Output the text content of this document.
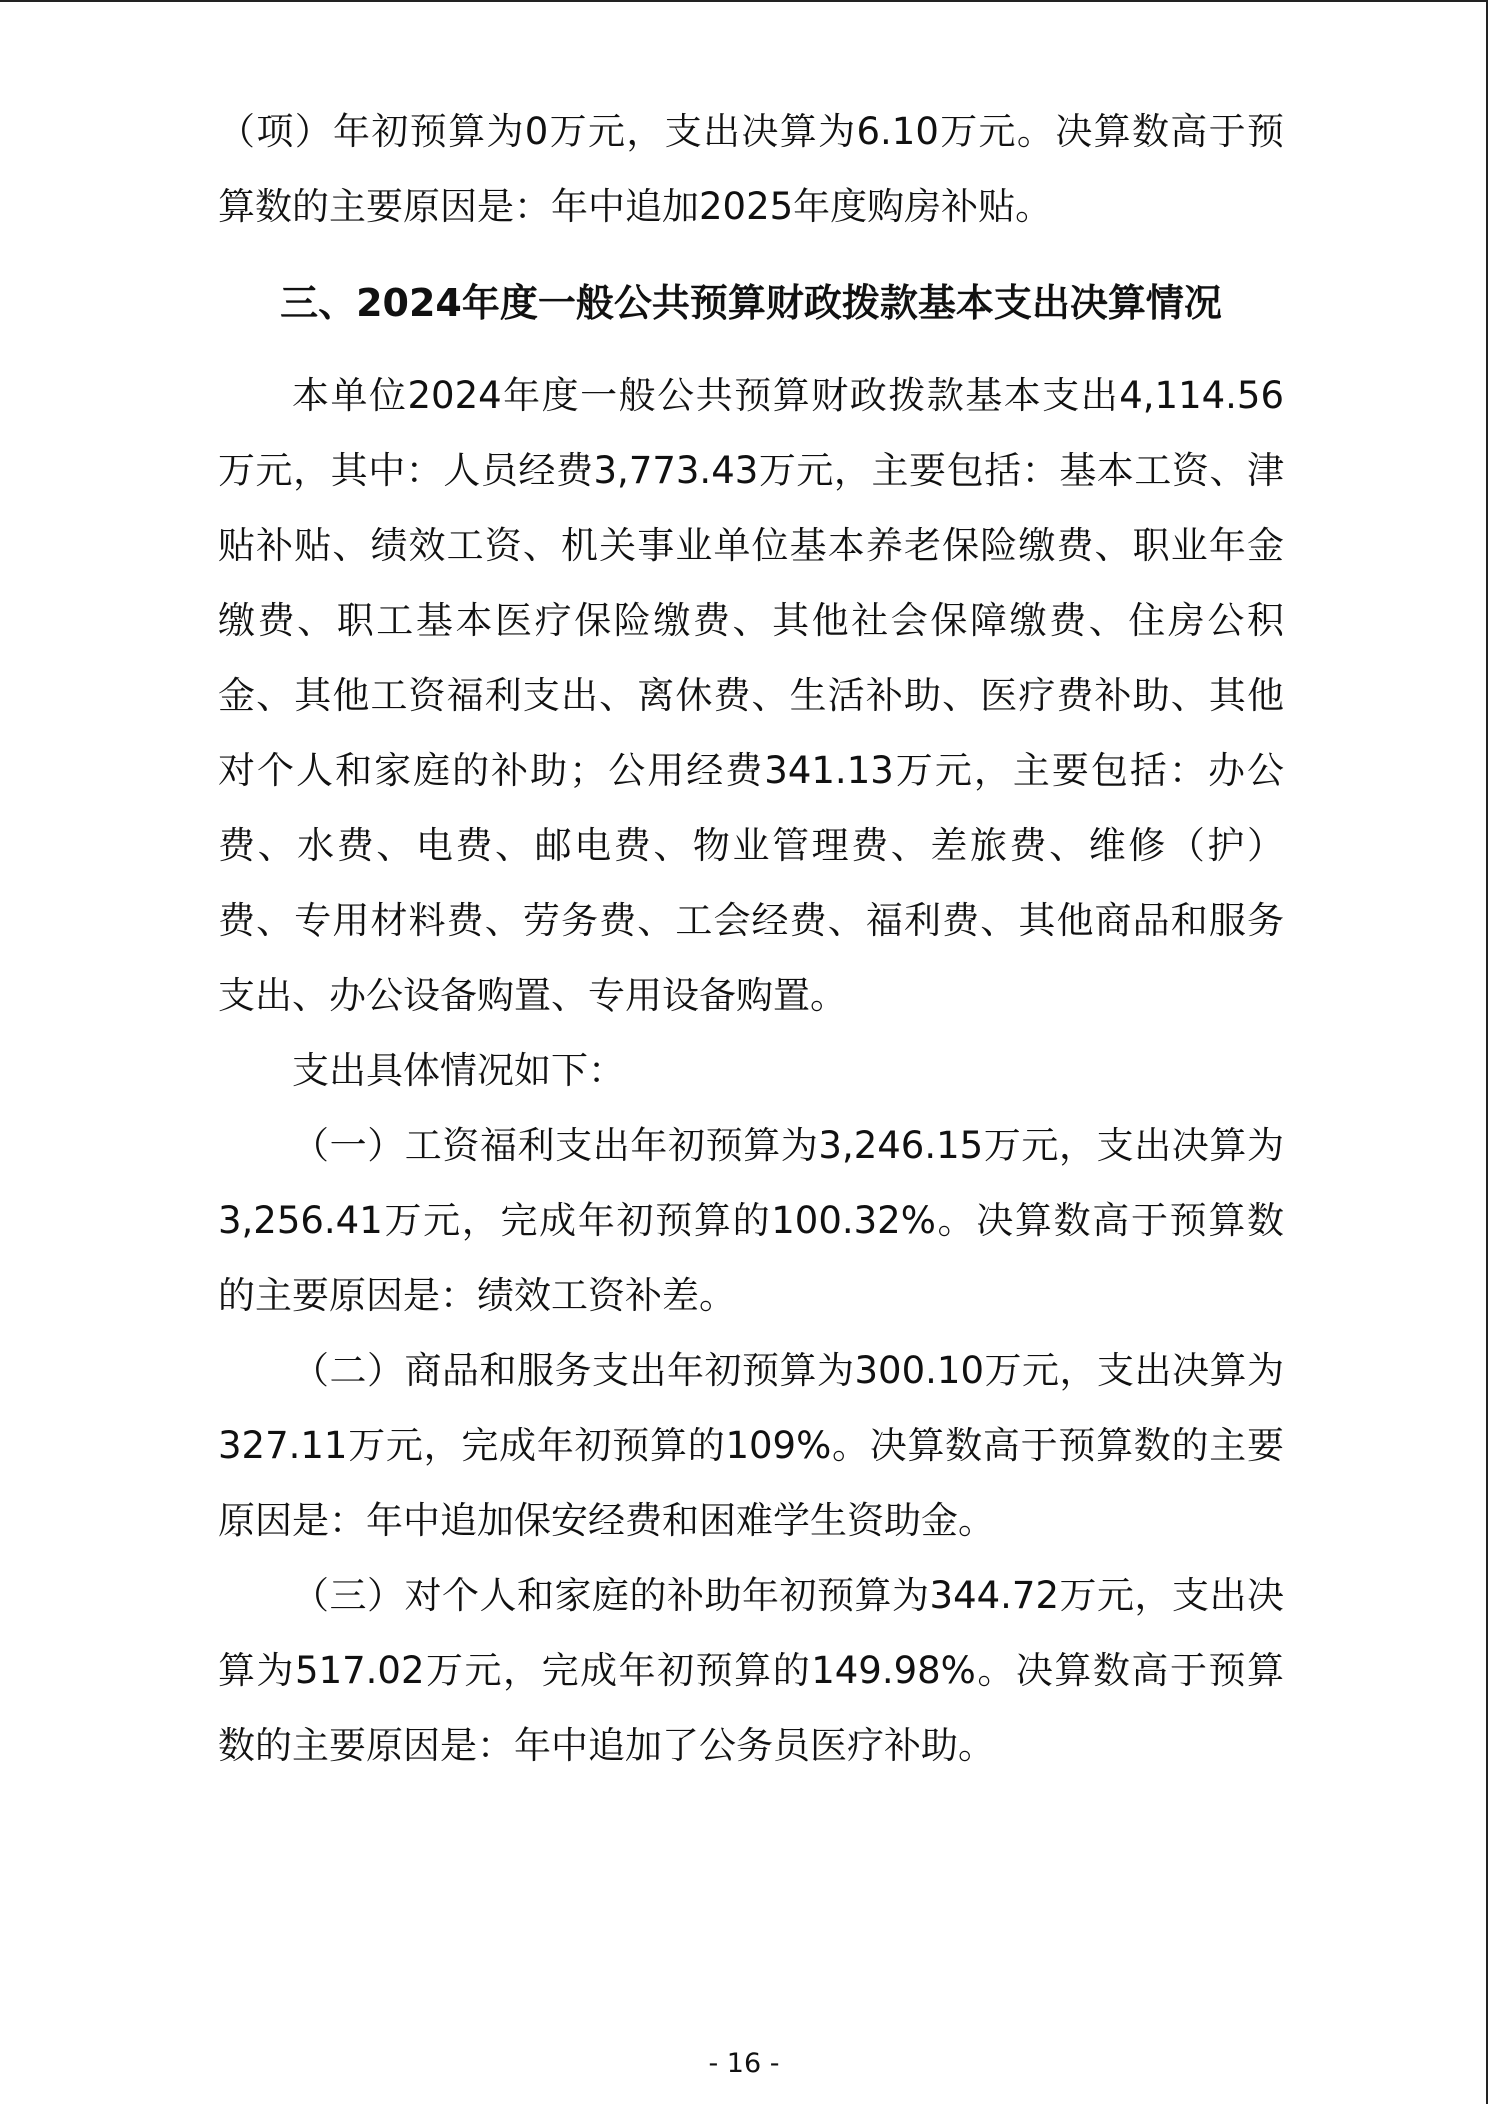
（项）年初预算为0万元，支出决算为6.10万元。决算数高于预算数的主要原因是：年中追加2025年度购房补贴。

三、2024年度一般公共预算财政拨款基本支出决算情况

本单位2024年度一般公共预算财政拨款基本支出4,114.56万元，其中：人员经费3,773.43万元，主要包括：基本工资、津贴补贴、绩效工资、机关事业单位基本养老保险缴费、职业年金缴费、职工基本医疗保险缴费、其他社会保障缴费、住房公积金、其他工资福利支出、离休费、生活补助、医疗费补助、其他对个人和家庭的补助；公用经费341.13万元，主要包括：办公费、水费、电费、邮电费、物业管理费、差旅费、维修（护）费、专用材料费、劳务费、工会经费、福利费、其他商品和服务支出、办公设备购置、专用设备购置。

支出具体情况如下：

（一）工资福利支出年初预算为3,246.15万元，支出决算为3,256.41万元，完成年初预算的100.32%。决算数高于预算数的主要原因是：绩效工资补差。

（二）商品和服务支出年初预算为300.10万元，支出决算为327.11万元，完成年初预算的109%。决算数高于预算数的主要原因是：年中追加保安经费和困难学生资助金。

（三）对个人和家庭的补助年初预算为344.72万元，支出决算为517.02万元，完成年初预算的149.98%。决算数高于预算数的主要原因是：年中追加了公务员医疗补助。

- 16 -
